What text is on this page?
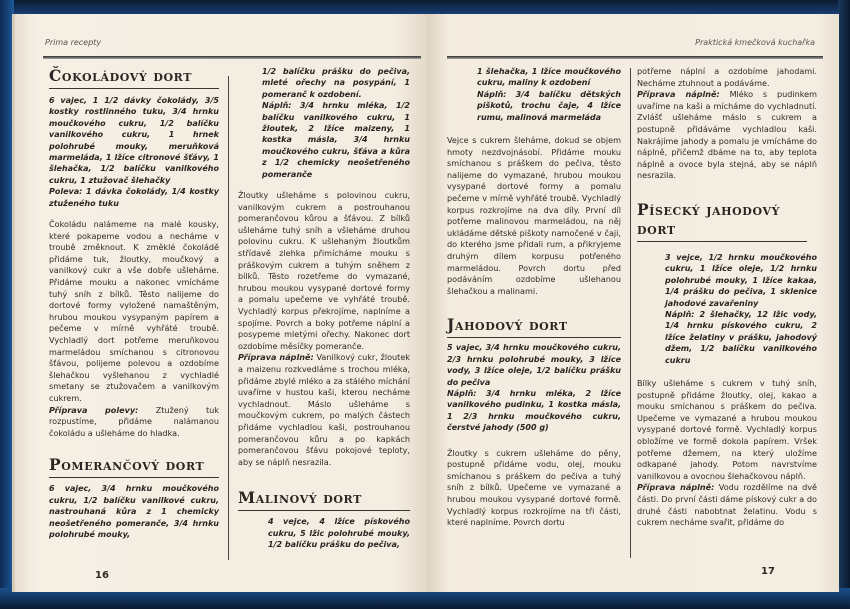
Prima recepty
Čokoládový dort

6 vajec, 1 1/2 dávky čokolády, 3/5 kostky rostlinného tuku, 3/4 hrnku moučkového cukru, 1/2 balíčku vanilkového cukru, 1 hrnek polohrubé mouky, meruňková marmeláda, 1 lžíce citronové šťávy, 1 šlehačka, 1/2 balíčku vanilkového cukru, 1 ztužovač šlehačky

Poleva: 1 dávka čokolády, 1/4 kostky ztuženého tuku

Čokoládu nalámeme na malé kousky, které pokapeme vodou a necháme v troubě změknout. K změklé čokoládě přidáme tuk, žloutky, moučkový a vanilkový cukr a vše dobře ušleháme. Přidáme mouku a nakonec vmícháme tuhý sníh z bílků. Těsto nalijeme do dortové formy vyložené namaštěným, hrubou moukou vysypaným papírem a pečeme v mírně vyhřáté troubě. Vychladlý dort potřeme meruňkovou marmeládou smíchanou s citronovou šťávou, polijeme polevou a ozdobíme šlehačkou vyšlehanou z vychladlé smetany se ztužovačem a vanilkovým cukrem.

Příprava polevy: Ztužený tuk rozpustíme, přidáme nalámanou čokoládu a ušleháme do hladka.

Pomerančový dort

6 vajec, 3/4 hrnku moučkového cukru, 1/2 balíčku vanilkové cukru, nastrouhaná kůra z 1 chemicky neošetřeného pomeranče, 3/4 hrnku polohrubé mouky,

1/2 balíčku prášku do pečiva, mleté ořechy na posypání, 1 pomeranč k ozdobení.

Náplň: 3/4 hrnku mléka, 1/2 balíčku vanilkového cukru, 1 žloutek, 2 lžíce maizeny, 1 kostka másla, 3/4 hrnku moučkového cukru, šťáva a kůra z 1/2 chemicky neošetřeného pomeranče

Žloutky ušleháme s polovinou cukru, vanilkovým cukrem a postrouhanou pomerančovou kůrou a šťávou. Z bílků ušleháme tuhý sníh a všleháme druhou polovinu cukru. K ušlehaným žloutkům střídavě zlehka přimícháme mouku s práškovým cukrem a tuhým sněhem z bílků. Těsto rozetřeme do vymazané, hrubou moukou vysypané dortové formy a pomalu upečeme ve vyhřáté troubě. Vychladlý korpus překrojíme, naplníme a spojíme. Povrch a boky potřeme náplní a posypeme mletými ořechy. Nakonec dort ozdobíme měsíčky pomeranče.

Příprava náplně: Vanilkový cukr, žloutek a maizenu rozkvedláme s trochou mléka, přidáme zbylé mléko a za stálého míchání uvaříme v hustou kaši, kterou necháme vychladnout. Máslo ušleháme s moučkovým cukrem, po malých částech přidáme vychladlou kaši, postrouhanou pomerančovou kůru a po kapkách pomerančovou šťávu pokojové teploty, aby se náplň nesrazila.

Malinový dort

4 vejce, 4 lžíce pískového cukru, 5 lžic polohrubé mouky, 1/2 balíčku prášku do pečiva,

16
Praktická kmečková kuchařka

1 šlehačka, 1 lžíce moučkového cukru, maliny k ozdobení

Náplň: 3/4 balíčku dětských piškotů, trochu čaje, 4 lžíce rumu, malinová marmeláda

Vejce s cukrem šleháme, dokud se objem hmoty nezdvojnásobí. Přidáme mouku smíchanou s práškem do pečiva, těsto nalijeme do vymazané, hrubou moukou vysypané dortové formy a pomalu pečeme v mírně vyhřáté troubě. Vychladlý korpus rozkrojíme na dva díly. První díl potřeme malinovou marmeládou, na něj ukládáme dětské piškoty namočené v čaji, do kterého jsme přidali rum, a přikryjeme druhým dílem korpusu potřeného marmeládou. Povrch dortu před podáváním ozdobíme ušlehanou šlehačkou a malinami.

Jahodový dort

5 vajec, 3/4 hrnku moučkového cukru, 2/3 hrnku polohrubé mouky, 3 lžíce vody, 3 lžíce oleje, 1/2 balíčku prášku do pečiva

Náplň: 3/4 hrnku mléka, 2 lžíce vanilkového pudinku, 1 kostka másla, 1 2/3 hrnku moučkového cukru, čerstvé jahody (500 g)

Žloutky s cukrem ušleháme do pěny, postupně přidáme vodu, olej, mouku smíchanou s práškem do pečiva a tuhý sníh z bílků. Upečeme ve vymazané a hrubou moukou vysypané dortové formě. Vychladlý korpus rozkrojíme na tři části, které naplníme. Povrch dortu

potřeme náplní a ozdobíme jahodami. Necháme ztuhnout a podáváme.

Příprava náplně: Mléko s pudinkem uvaříme na kaši a mícháme do vychladnutí. Zvlášť ušleháme máslo s cukrem a postupně přidáváme vychladlou kaši. Nakrájíme jahody a pomalu je vmícháme do náplně, přičemž dbáme na to, aby teplota náplně a ovoce byla stejná, aby se náplň nesrazila.

Písecký jahodový dort

3 vejce, 1/2 hrnku moučkového cukru, 1 lžíce oleje, 1/2 hrnku polohrubé mouky, 1 lžíce kakaa, 1/4 prášku do pečiva, 1 sklenice jahodové zavařeniny

Náplň: 2 šlehačky, 12 lžic vody, 1/4 hrnku pískového cukru, 2 lžíce želatiny v prášku, jahodový džem, 1/2 balíčku vanilkového cukru

Bílky ušleháme s cukrem v tuhý sníh, postupně přidáme žloutky, olej, kakao a mouku smíchanou s práškem do pečiva. Upečeme ve vymazané a hrubou moukou vysypané dortové formě. Vychladlý korpus obložíme ve formě dokola papírem. Vršek potřeme džemem, na který uložíme odkapané jahody. Potom navrstvíme vanilkovou a ovocnou šlehačkovou náplň.

Příprava náplně: Vodu rozdělíme na dvě části. Do první části dáme pískový cukr a do druhé části nabobtnat želatinu. Vodu s cukrem necháme svařit, přidáme do

17
